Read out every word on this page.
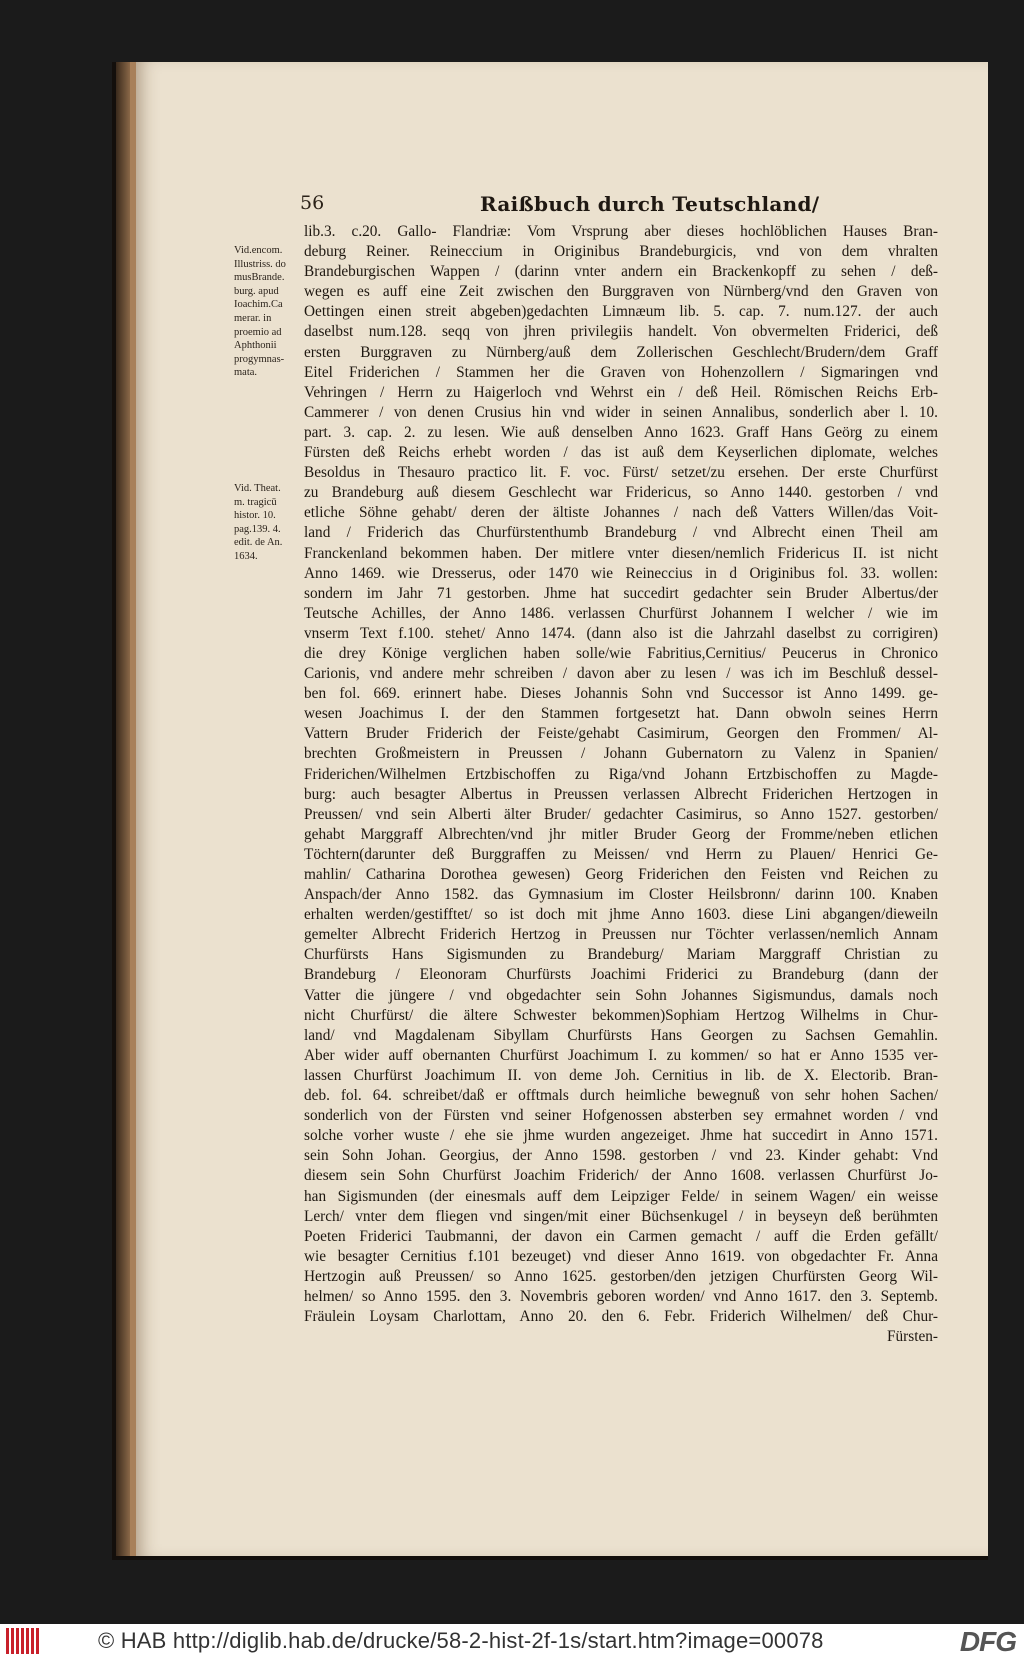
56	Raißbuch durch Teutschland/
Vid.encom.
Illustriss. do
musBrande.
burg. apud
Ioachim.Ca
merar. in
proemio ad
Aphthonii
progymnas-
mata.
Vid. Theat.
m. tragicū
histor. 10.
pag.139. 4.
edit. de An.
1634.
lib.3. c.20. Gallo- Flandriæ: Vom Vrsprung aber dieses hochlöblichen Hauses Bran-
deburg Reiner. Reineccium in Originibus Brandeburgicis, vnd von dem vhralten
Brandeburgischen Wappen / (darinn vnter andern ein Brackenkopff zu sehen / deß-
wegen es auff eine Zeit zwischen den Burggraven von Nürnberg/vnd den Graven von
Oettingen einen streit abgeben)gedachten Limnæum lib. 5. cap. 7. num.127. der auch
daselbst num.128. seqq von jhren privilegiis handelt. Von obvermelten Friderici, deß
ersten Burggraven zu Nürnberg/auß dem Zollerischen Geschlecht/Brudern/dem Graff
Eitel Friderichen / Stammen her die Graven von Hohenzollern / Sigmaringen vnd
Vehringen / Herrn zu Haigerloch vnd Wehrst ein / deß Heil. Römischen Reichs Erb-
Cammerer / von denen Crusius hin vnd wider in seinen Annalibus, sonderlich aber l. 10.
part. 3. cap. 2. zu lesen. Wie auß denselben Anno 1623. Graff Hans Geörg zu einem
Fürsten deß Reichs erhebt worden / das ist auß dem Keyserlichen diplomate, welches
Besoldus in Thesauro practico lit. F. voc. Fürst/ setzet/zu ersehen. Der erste Churfürst
zu Brandeburg auß diesem Geschlecht war Fridericus, so Anno 1440. gestorben / vnd
etliche Söhne gehabt/ deren der ältiste Johannes / nach deß Vatters Willen/das Voit-
land / Friderich das Churfürstenthumb Brandeburg / vnd Albrecht einen Theil am
Franckenland bekommen haben. Der mitlere vnter diesen/nemlich Fridericus II. ist nicht
Anno 1469. wie Dresserus, oder 1470 wie Reineccius in d Originibus fol. 33. wollen:
sondern im Jahr 71 gestorben. Jhme hat succedirt gedachter sein Bruder Albertus/der
Teutsche Achilles, der Anno 1486. verlassen Churfürst Johannem I welcher / wie im
vnserm Text f.100. stehet/ Anno 1474. (dann also ist die Jahrzahl daselbst zu corrigiren)
die drey Könige verglichen haben solle/wie Fabritius,Cernitius/ Peucerus in Chronico
Carionis, vnd andere mehr schreiben / davon aber zu lesen / was ich im Beschluß dessel-
ben fol. 669. erinnert habe. Dieses Johannis Sohn vnd Successor ist Anno 1499. ge-
wesen Joachimus I. der den Stammen fortgesetzt hat. Dann obwoln seines Herrn
Vattern Bruder Friderich der Feiste/gehabt Casimirum, Georgen den Frommen/ Al-
brechten Großmeistern in Preussen / Johann Gubernatorn zu Valenz in Spanien/
Friderichen/Wilhelmen Ertzbischoffen zu Riga/vnd Johann Ertzbischoffen zu Magde-
burg: auch besagter Albertus in Preussen verlassen Albrecht Friderichen Hertzogen in
Preussen/ vnd sein Alberti älter Bruder/ gedachter Casimirus, so Anno 1527. gestorben/
gehabt Marggraff Albrechten/vnd jhr mitler Bruder Georg der Fromme/neben etlichen
Töchtern(darunter deß Burggraffen zu Meissen/ vnd Herrn zu Plauen/ Henrici Ge-
mahlin/ Catharina Dorothea gewesen) Georg Friderichen den Feisten vnd Reichen zu
Anspach/der Anno 1582. das Gymnasium im Closter Heilsbronn/ darinn 100. Knaben
erhalten werden/gestifftet/ so ist doch mit jhme Anno 1603. diese Lini abgangen/dieweiln
gemelter Albrecht Friderich Hertzog in Preussen nur Töchter verlassen/nemlich Annam
Churfürsts Hans Sigismunden zu Brandeburg/ Mariam Marggraff Christian zu
Brandeburg / Eleonoram Churfürsts Joachimi Friderici zu Brandeburg (dann der
Vatter die jüngere / vnd obgedachter sein Sohn Johannes Sigismundus, damals noch
nicht Churfürst/ die ältere Schwester bekommen)Sophiam Hertzog Wilhelms in Chur-
land/ vnd Magdalenam Sibyllam Churfürsts Hans Georgen zu Sachsen Gemahlin.
Aber wider auff obernanten Churfürst Joachimum I. zu kommen/ so hat er Anno 1535 ver-
lassen Churfürst Joachimum II. von deme Joh. Cernitius in lib. de X. Electorib. Bran-
deb. fol. 64. schreibet/daß er offtmals durch heimliche bewegnuß von sehr hohen Sachen/
sonderlich von der Fürsten vnd seiner Hofgenossen absterben sey ermahnet worden / vnd
solche vorher wuste / ehe sie jhme wurden angezeiget. Jhme hat succedirt in Anno 1571.
sein Sohn Johan. Georgius, der Anno 1598. gestorben / vnd 23. Kinder gehabt: Vnd
diesem sein Sohn Churfürst Joachim Friderich/ der Anno 1608. verlassen Churfürst Jo-
han Sigismunden (der einesmals auff dem Leipziger Felde/ in seinem Wagen/ ein weisse
Lerch/ vnter dem fliegen vnd singen/mit einer Büchsenkugel / in beyseyn deß berühmten
Poeten Friderici Taubmanni, der davon ein Carmen gemacht / auff die Erden gefällt/
wie besagter Cernitius f.101 bezeuget) vnd dieser Anno 1619. von obgedachter Fr. Anna
Hertzogin auß Preussen/ so Anno 1625. gestorben/den jetzigen Churfürsten Georg Wil-
helmen/ so Anno 1595. den 3. Novembris geboren worden/ vnd Anno 1617. den 3. Septemb.
Fräulein Loysam Charlottam, Anno 20. den 6. Febr. Friderich Wilhelmen/ deß Chur-
Fürsten-
© HAB http://diglib.hab.de/drucke/58-2-hist-2f-1s/start.htm?image=00078	DFG
